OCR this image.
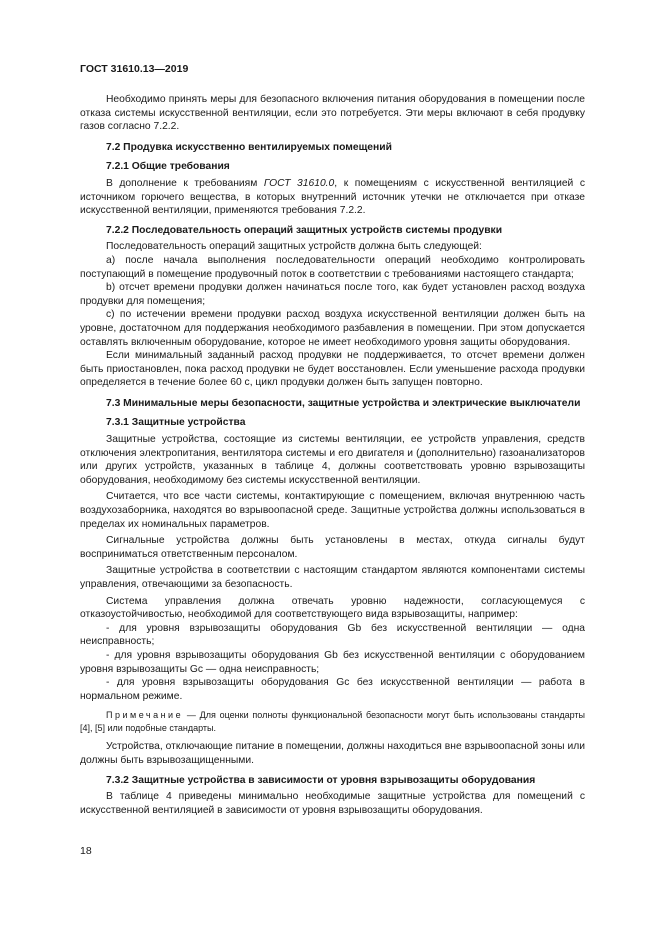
ГОСТ 31610.13—2019

Необходимо принять меры для безопасного включения питания оборудования в помещении после отказа системы искусственной вентиляции, если это потребуется. Эти меры включают в себя продувку газов согласно 7.2.2.

7.2 Продувка искусственно вентилируемых помещений

7.2.1 Общие требования

В дополнение к требованиям ГОСТ 31610.0, к помещениям с искусственной вентиляцией с источником горючего вещества, в которых внутренний источник утечки не отключается при отказе искусственной вентиляции, применяются требования 7.2.2.

7.2.2 Последовательность операций защитных устройств системы продувки

Последовательность операций защитных устройств должна быть следующей:

a) после начала выполнения последовательности операций необходимо контролировать поступающий в помещение продувочный поток в соответствии с требованиями настоящего стандарта;

b) отсчет времени продувки должен начинаться после того, как будет установлен расход воздуха продувки для помещения;

c) по истечении времени продувки расход воздуха искусственной вентиляции должен быть на уровне, достаточном для поддержания необходимого разбавления в помещении. При этом допускается оставлять включенным оборудование, которое не имеет необходимого уровня защиты оборудования.

Если минимальный заданный расход продувки не поддерживается, то отсчет времени должен быть приостановлен, пока расход продувки не будет восстановлен. Если уменьшение расхода продувки определяется в течение более 60 с, цикл продувки должен быть запущен повторно.

7.3 Минимальные меры безопасности, защитные устройства и электрические выключатели

7.3.1 Защитные устройства

Защитные устройства, состоящие из системы вентиляции, ее устройств управления, средств отключения электропитания, вентилятора системы и его двигателя и (дополнительно) газоанализаторов или других устройств, указанных в таблице 4, должны соответствовать уровню взрывозащиты оборудования, необходимому без системы искусственной вентиляции.

Считается, что все части системы, контактирующие с помещением, включая внутреннюю часть воздухозаборника, находятся во взрывоопасной среде. Защитные устройства должны использоваться в пределах их номинальных параметров.

Сигнальные устройства должны быть установлены в местах, откуда сигналы будут восприниматься ответственным персоналом.

Защитные устройства в соответствии с настоящим стандартом являются компонентами системы управления, отвечающими за безопасность.

Система управления должна отвечать уровню надежности, согласующемуся с отказоустойчивостью, необходимой для соответствующего вида взрывозащиты, например:

- для уровня взрывозащиты оборудования Gb без искусственной вентиляции — одна неисправность;

- для уровня взрывозащиты оборудования Gb без искусственной вентиляции с оборудованием уровня взрывозащиты Gc — одна неисправность;

- для уровня взрывозащиты оборудования Gc без искусственной вентиляции — работа в нормальном режиме.

Примечание — Для оценки полноты функциональной безопасности могут быть использованы стандарты [4], [5] или подобные стандарты.

Устройства, отключающие питание в помещении, должны находиться вне взрывоопасной зоны или должны быть взрывозащищенными.

7.3.2 Защитные устройства в зависимости от уровня взрывозащиты оборудования

В таблице 4 приведены минимально необходимые защитные устройства для помещений с искусственной вентиляцией в зависимости от уровня взрывозащиты оборудования.

18
